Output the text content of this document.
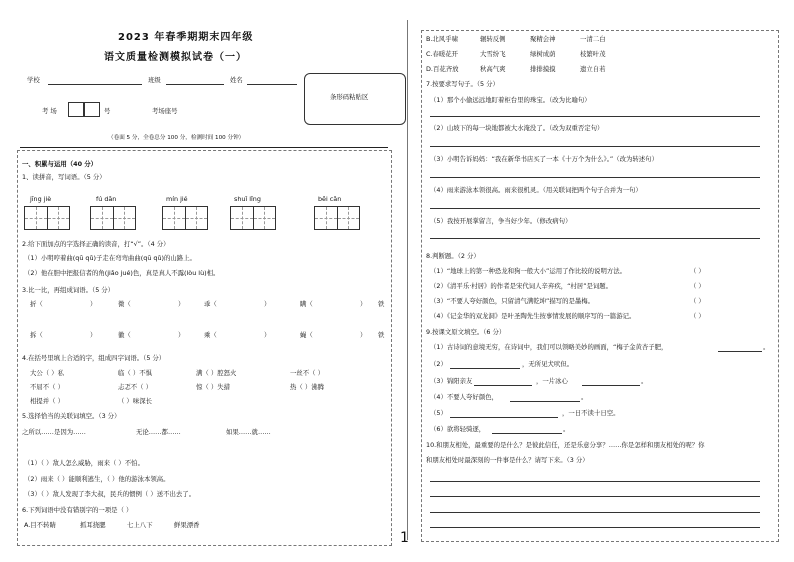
2023 年春季期期末四年级
语文质量检测模拟试卷（一）
学校	班级	姓名
考 场	号	考场座号
条形码粘贴区
（卷面 5 分，全卷总分 100 分，检测时间 100 分钟）
一、积累与运用（40 分）
1、读拼音，写词语。（5 分）
jīng jiè	fú dān	mín jié	shuǐ lǐng	bēi cǎn
2.给下面加点的字选择正确的读音，打“√”。（4 分）
（1）小明哼着曲(qū qǔ)子走在弯弯曲曲(qū qǔ)的山路上。
（2）他在胆中把报信者的角(jiǎo jué)色，真是真人不露(lòu lù)相。
3.比一比，再组成词语。（5 分）
折（	）	微（	）	乖（	）	瞒（	） 铁
拆（	）	徽（	）	乘（	）	蝇（	） 铁
4.在括号里填上合适的字，组成四字词语。（5 分）
大公（ ）私	临（ ）不惧	满（ ）腔怒火	一丝不（ ）
不屈不（ ）	忐忑不（ ）	惊（ ）失措	热（ ）沸腾
相提并（ ）	（ ）味深长
5.选择恰当的关联词填空。（3 分）
之所以……是因为……	无论……都……	如果……就……
（1）（ ）敌人怎么威胁，雨来（ ）不怕。
（2）雨来（ ）能顺利逃生，（ ）他的游泳本领高。
（3）（ ）敌人发现了李大叔，民兵的惯例（ ）送不出去了。
6.下列词语中没有错别字的一项是（ ）
A.目不转睛	抓耳挠腮	七上八下	鲜果漂香
B.北风乎啸	辗转反侧	聚精会神	一清二白
C.春暖花开	大雪纷飞	绿树成荫	枝繁叶茂
D.百花齐放	秋高气爽	排排摸摸	遗立自若
7.按要求写句子。（5 分）
（1）那个小偷远远地盯着柜台里的珠宝。（改为比喻句）
（2）山坡下的每一块地都被大水淹没了。（改为双重否定句）
（3）小明告诉妈妈：“我在新华书店买了一本《十万个为什么》。”（改为转述句）
（4）雨来游泳本领很高。雨来很机灵。（用关联词把两个句子合并为一句）
（5）我按开展掌留言，争当好少年。（修改病句）
8.判断题。（2 分）
（1）“地球上的第一种恐龙和狗一般大小”运用了作比较的说明方法。	（ ）
（2）《清平乐·村居》的作者是宋代词人辛弃疾，“村居”是词题。	（ ）
（3）“不要人夸好颜色，只留清气满乾坤”描写的是墨梅。	（ ）
（4）《记金华的双龙洞》是叶圣陶先生按事情发展的顺序写的一篇游记。	（ ）
9.按课文原文填空。（6 分）
（1）古诗词的意境无穷，在诗词中，我们可以领略美妙的画面，“梅子金黄杏子肥，	。
（2）	，无所见犬吠但。
（3）锦阳亲友	，一片冰心	。
（4）不要人夸好颜色，	。
（5）	，一日不读十日空。
（6）欲将轻骑逐，	。
10.和朋友相处，最重要的是什么？是彼此信任，还是乐意分享？……你是怎样和朋友相处的呢？你
和朋友相处时最深刻的一件事是什么？请写下来。（3 分）
1
